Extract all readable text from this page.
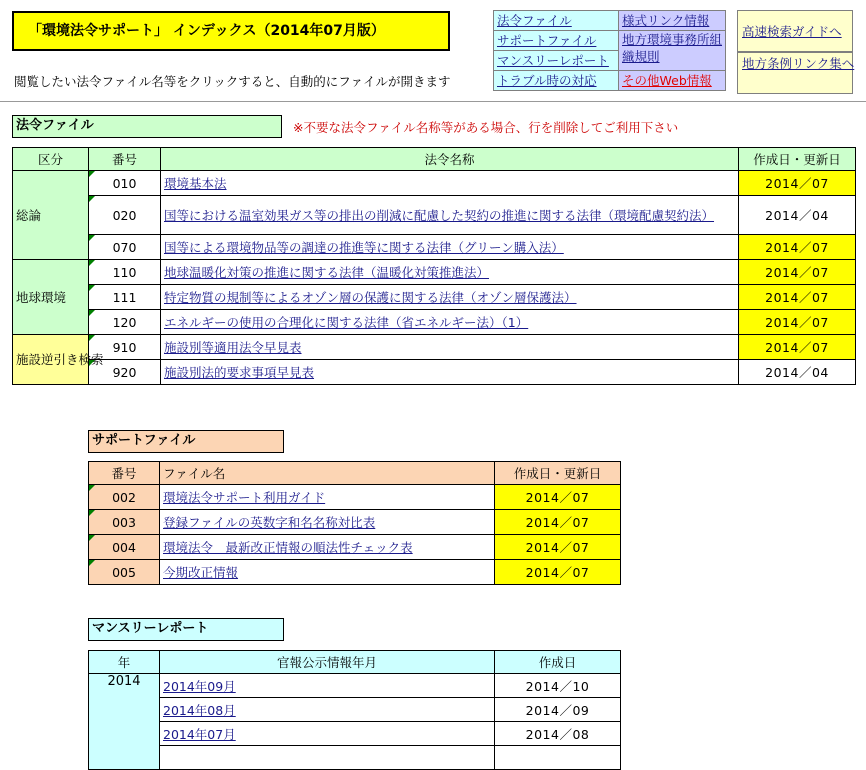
「環境法令サポート」 インデックス（2014年07月版）
閲覧したい法令ファイル名等をクリックすると、自動的にファイルが開きます
法令ファイル	様式リンク情報
サポートファイル	地方環境事務所組織規則
マンスリーレポート	
トラブル時の対応	その他Web情報
高速検索ガイドへ
地方条例リンク集へ
法令ファイル	※不要な法令ファイル名称等がある場合、行を削除してご利用下さい
区分	番号	法令名称	作成日・更新日
総論	010	環境基本法	2014／07
	020	国等における温室効果ガス等の排出の削減に配慮した契約の推進に関する法律（環境配慮契約法）	2014／04
	070	国等による環境物品等の調達の推進等に関する法律（グリーン購入法）	2014／07
地球環境	110	地球温暖化対策の推進に関する法律（温暖化対策推進法）	2014／07
	111	特定物質の規制等によるオゾン層の保護に関する法律（オゾン層保護法）	2014／07
	120	エネルギーの使用の合理化に関する法律（省エネルギー法）（1）	2014／07
施設逆引き検索	910	施設別等適用法令早見表	2014／07
	920	施設別法的要求事項早見表	2014／04
サポートファイル
番号	ファイル名	作成日・更新日
002	環境法令サポート利用ガイド	2014／07
003	登録ファイルの英数字和名名称対比表	2014／07
004	環境法令　最新改正情報の順法性チェック表	2014／07
005	今期改正情報	2014／07
マンスリーレポート
年	官報公示情報年月	作成日
2014	2014年09月	2014／10
	2014年08月	2014／09
	2014年07月	2014／08
